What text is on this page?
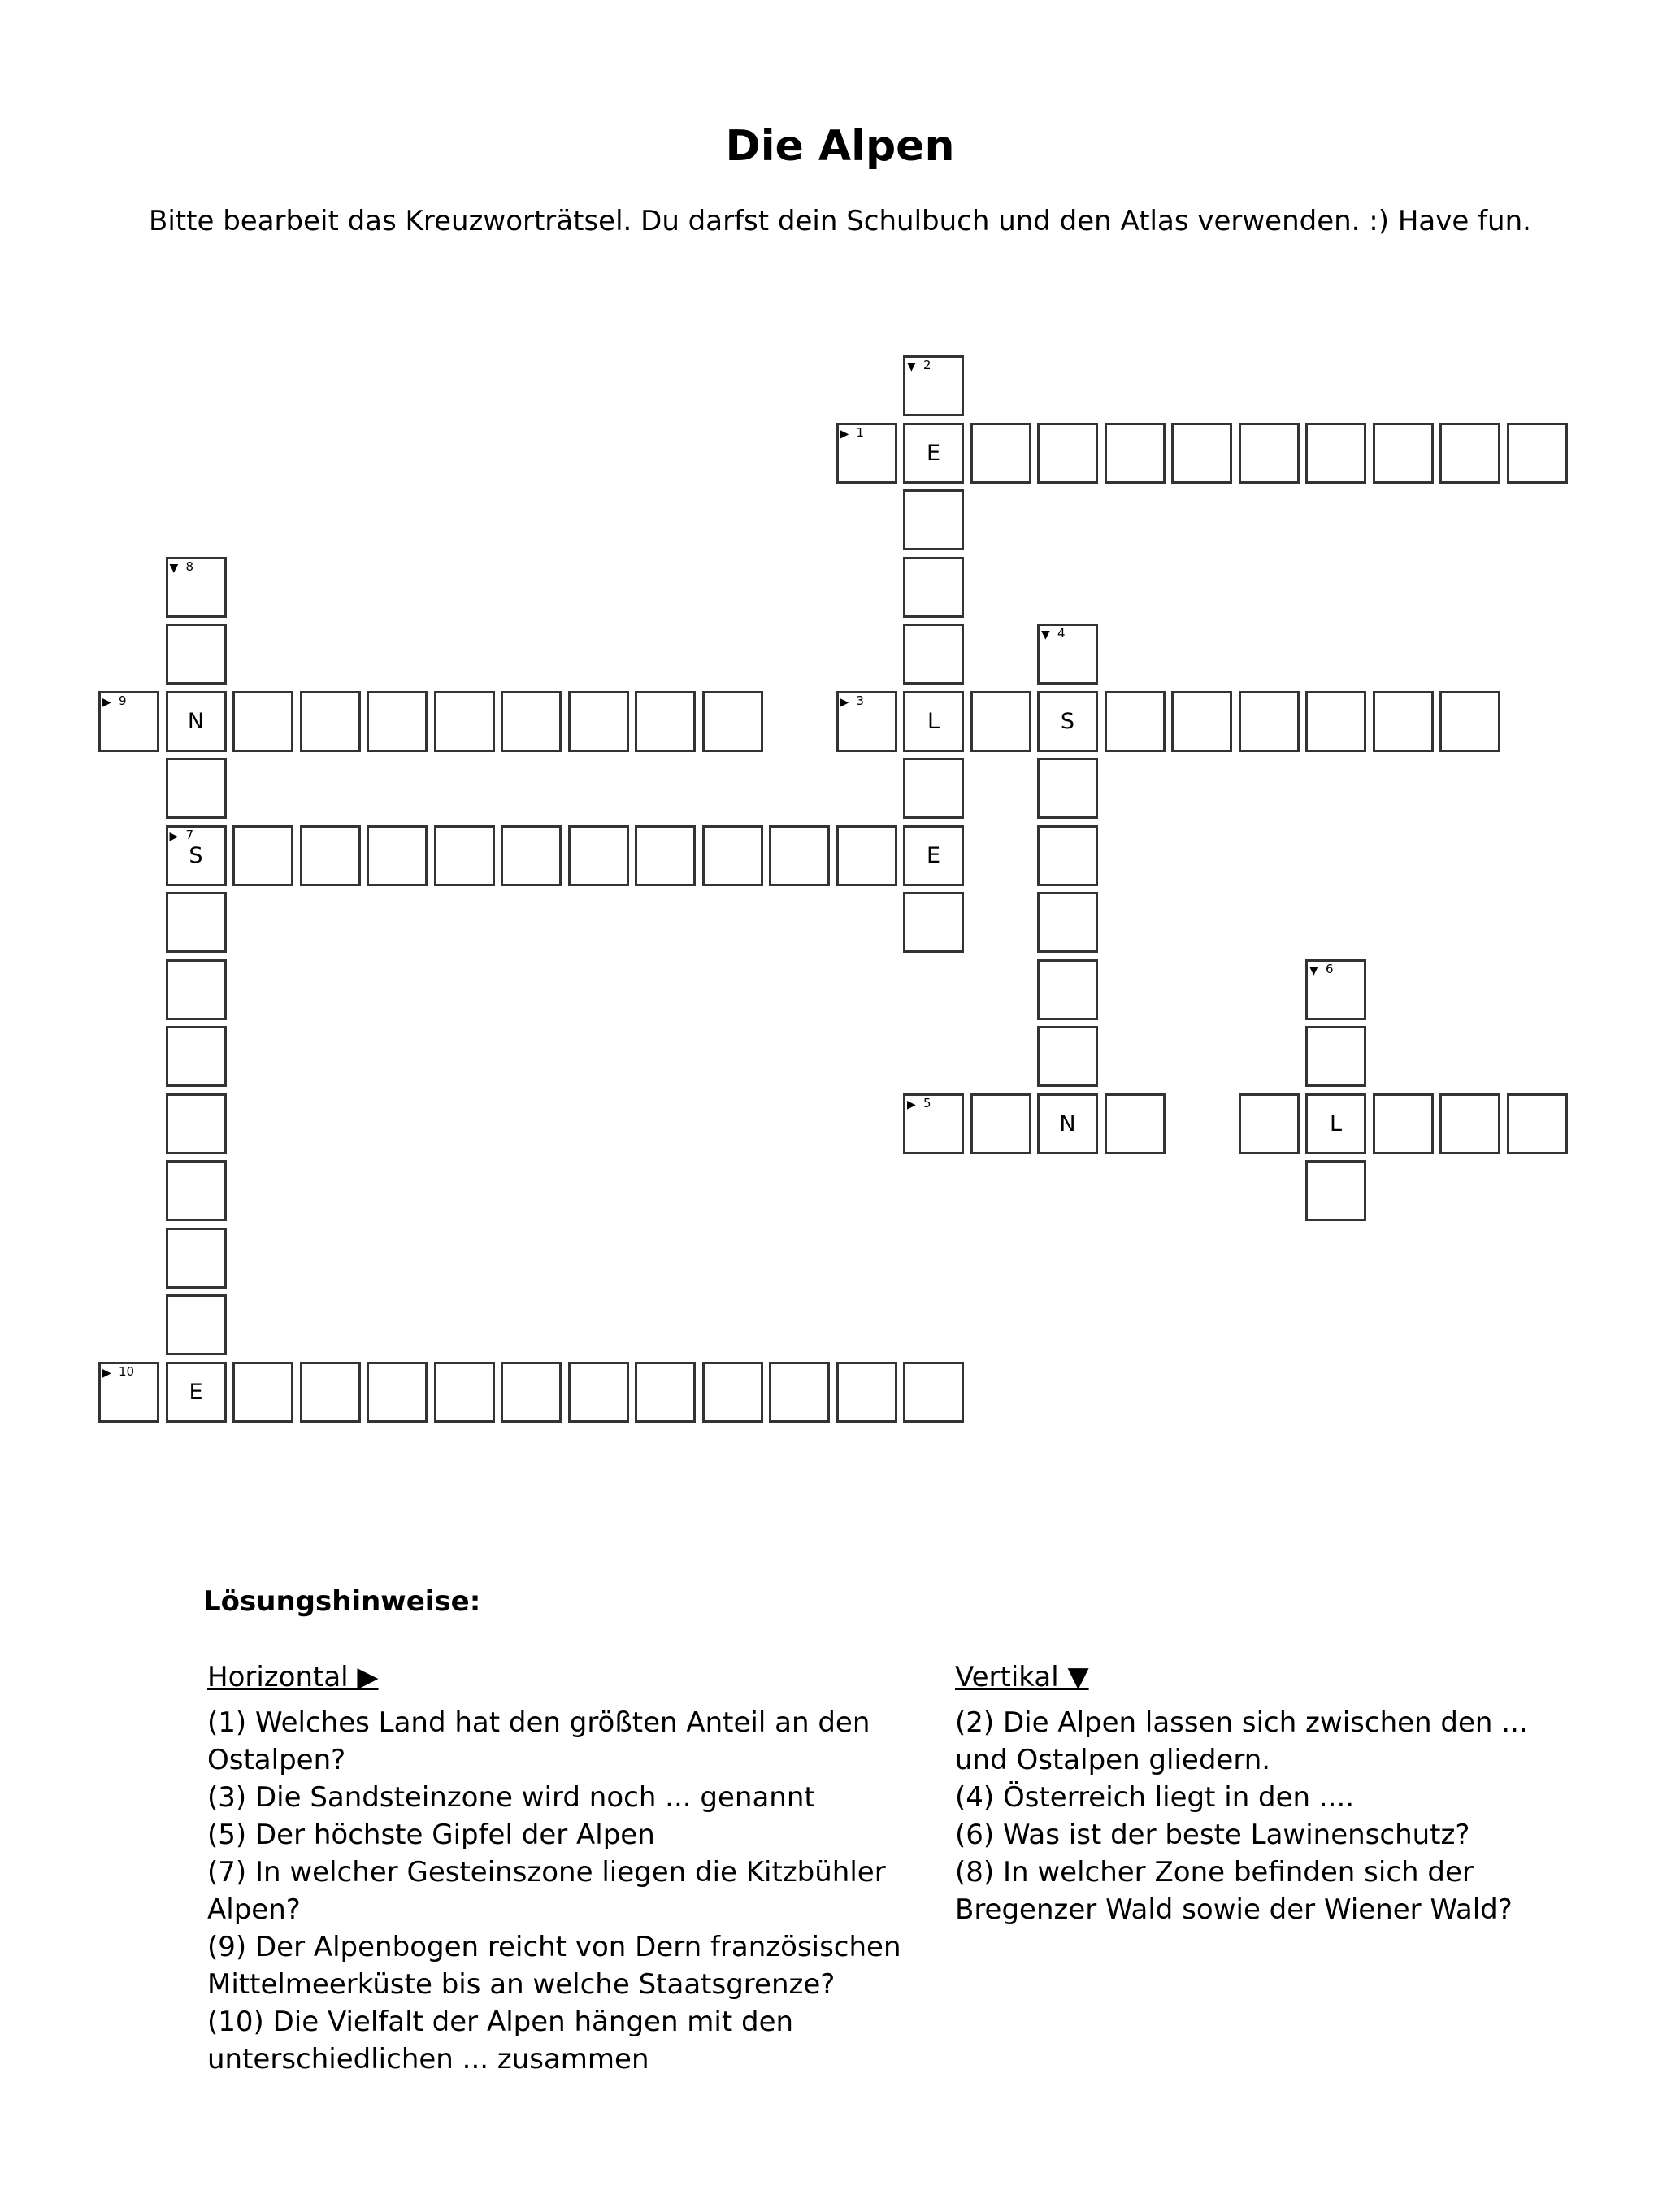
Die Alpen
Bitte bearbeit das Kreuzworträtsel. Du darfst dein Schulbuch und den Atlas verwenden. :) Have fun.
▼ 2
▶ 1
E
▼ 8
▼ 4
▶ 9
N
▶ 3
L	S
▶ 7
S	E
▼ 6
▶ 5
N	L
▶ 10
E
Lösungshinweise:
Horizontal ▶

(1) Welches Land hat den größten Anteil an den Ostalpen?

(3) Die Sandsteinzone wird noch ... genannt

(5) Der höchste Gipfel der Alpen

(7) In welcher Gesteinszone liegen die Kitzbühler Alpen?

(9) Der Alpenbogen reicht von Dern französischen Mittelmeerküste bis an welche Staatsgrenze?

(10) Die Vielfalt der Alpen hängen mit den unterschiedlichen ... zusammen

Vertikal ▼

(2) Die Alpen lassen sich zwischen den ... und Ostalpen gliedern.

(4) Österreich liegt in den ....

(6) Was ist der beste Lawinenschutz?

(8) In welcher Zone befinden sich der Bregenzer Wald sowie der Wiener Wald?
